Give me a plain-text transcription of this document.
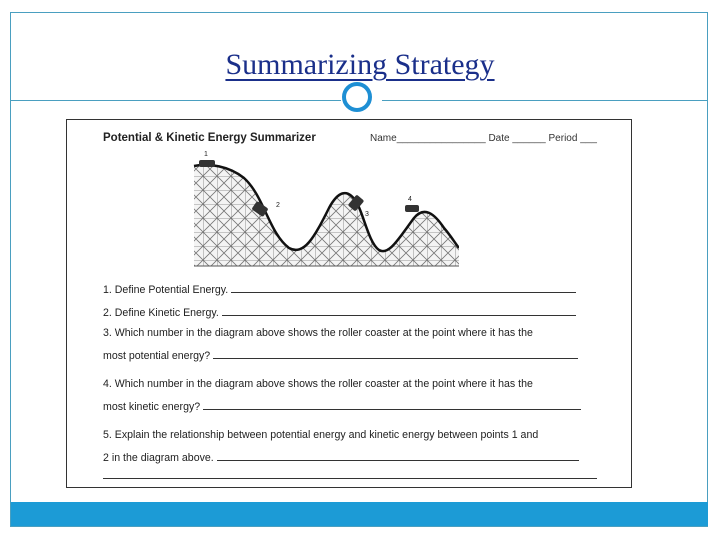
Summarizing Strategy
Potential & Kinetic Energy Summarizer	Name________________ Date ______ Period ___
1
2
3
4
1. Define Potential Energy.
2. Define Kinetic Energy.
3. Which number in the diagram above shows the roller coaster at the point where it has the
most potential energy?
4. Which number in the diagram above shows the roller coaster at the point where it has the
most kinetic energy?
5. Explain the relationship between potential energy and kinetic energy between points 1 and
2 in the diagram above.
